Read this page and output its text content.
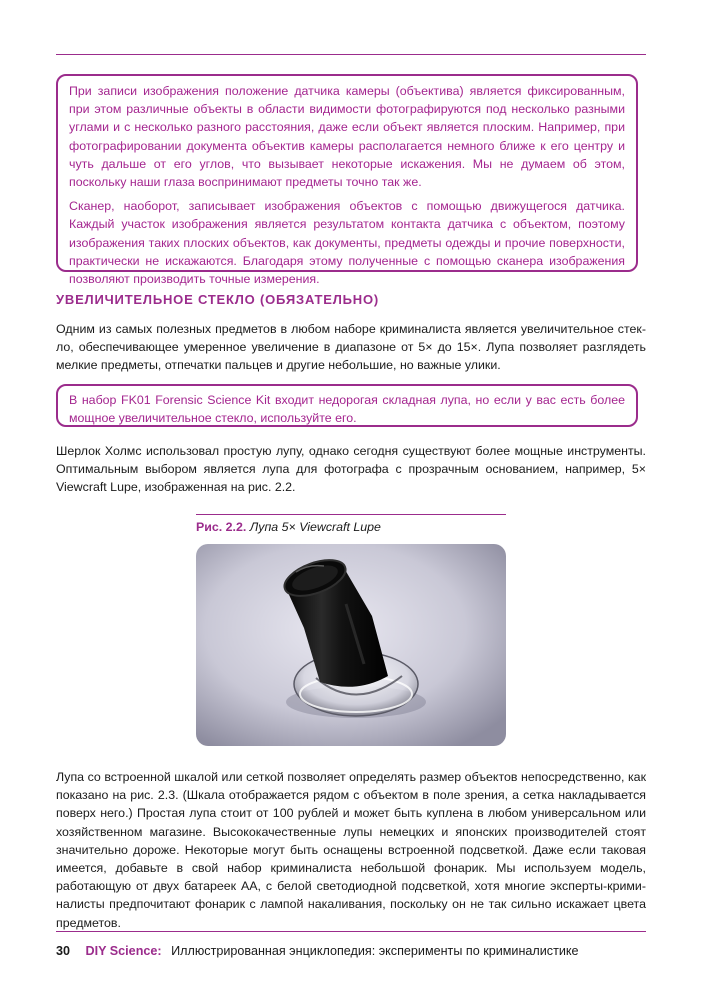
При записи изображения положение датчика камеры (объектива) является фиксированным, при этом различные объекты в области видимости фотографируются под несколько разными углами и с несколько разного расстояния, даже если объект является плоским. Например, при фотографировании документа объектив камеры располагается немного ближе к его центру и чуть дальше от его углов, что вызывает некоторые искажения. Мы не думаем об этом, поскольку наши глаза воспринимают предметы точно так же.

Сканер, наоборот, записывает изображения объектов с помощью движущегося датчика. Каждый участок изображения является результатом контакта датчика с объектом, поэтому изображения таких плоских объектов, как документы, предметы одежды и прочие поверхности, практически не искажаются. Благодаря этому полученные с помощью сканера изображения позволяют производить точные измерения.

УВЕЛИЧИТЕЛЬНОЕ СТЕКЛО (ОБЯЗАТЕЛЬНО)

Одним из самых полезных предметов в любом наборе криминалиста является увеличительное стекло, обеспечивающее умеренное увеличение в диапазоне от 5× до 15×. Лупа позволяет разглядеть мелкие предметы, отпечатки пальцев и другие небольшие, но важные улики.

В набор FK01 Forensic Science Kit входит недорогая складная лупа, но если у вас есть более мощное увеличительное стекло, используйте его.

Шерлок Холмс использовал простую лупу, однако сегодня существуют более мощные инструменты. Оптимальным выбором является лупа для фотографа с прозрачным основанием, например, 5× Viewcraft Lupe, изображенная на рис. 2.2.

Рис. 2.2. Лупа 5× Viewcraft Lupe

Лупа со встроенной шкалой или сеткой позволяет определять размер объектов непосредственно, как показано на рис. 2.3. (Шкала отображается рядом с объектом в поле зрения, а сетка накладывается поверх него.) Простая лупа стоит от 100 рублей и может быть куплена в любом универсальном или хозяйственном магазине. Высококачественные лупы немецких и японских производителей стоят значительно дороже. Некоторые могут быть оснащены встроенной подсветкой. Даже если таковая имеется, добавьте в свой набор криминалиста небольшой фонарик. Мы используем модель, работающую от двух батареек AA, с белой светодиодной подсветкой, хотя многие эксперты-криминалисты предпочитают фонарик с лампой накаливания, поскольку он не так сильно искажает цвета предметов.

30 DIY Science: Иллюстрированная энциклопедия: эксперименты по криминалистике
